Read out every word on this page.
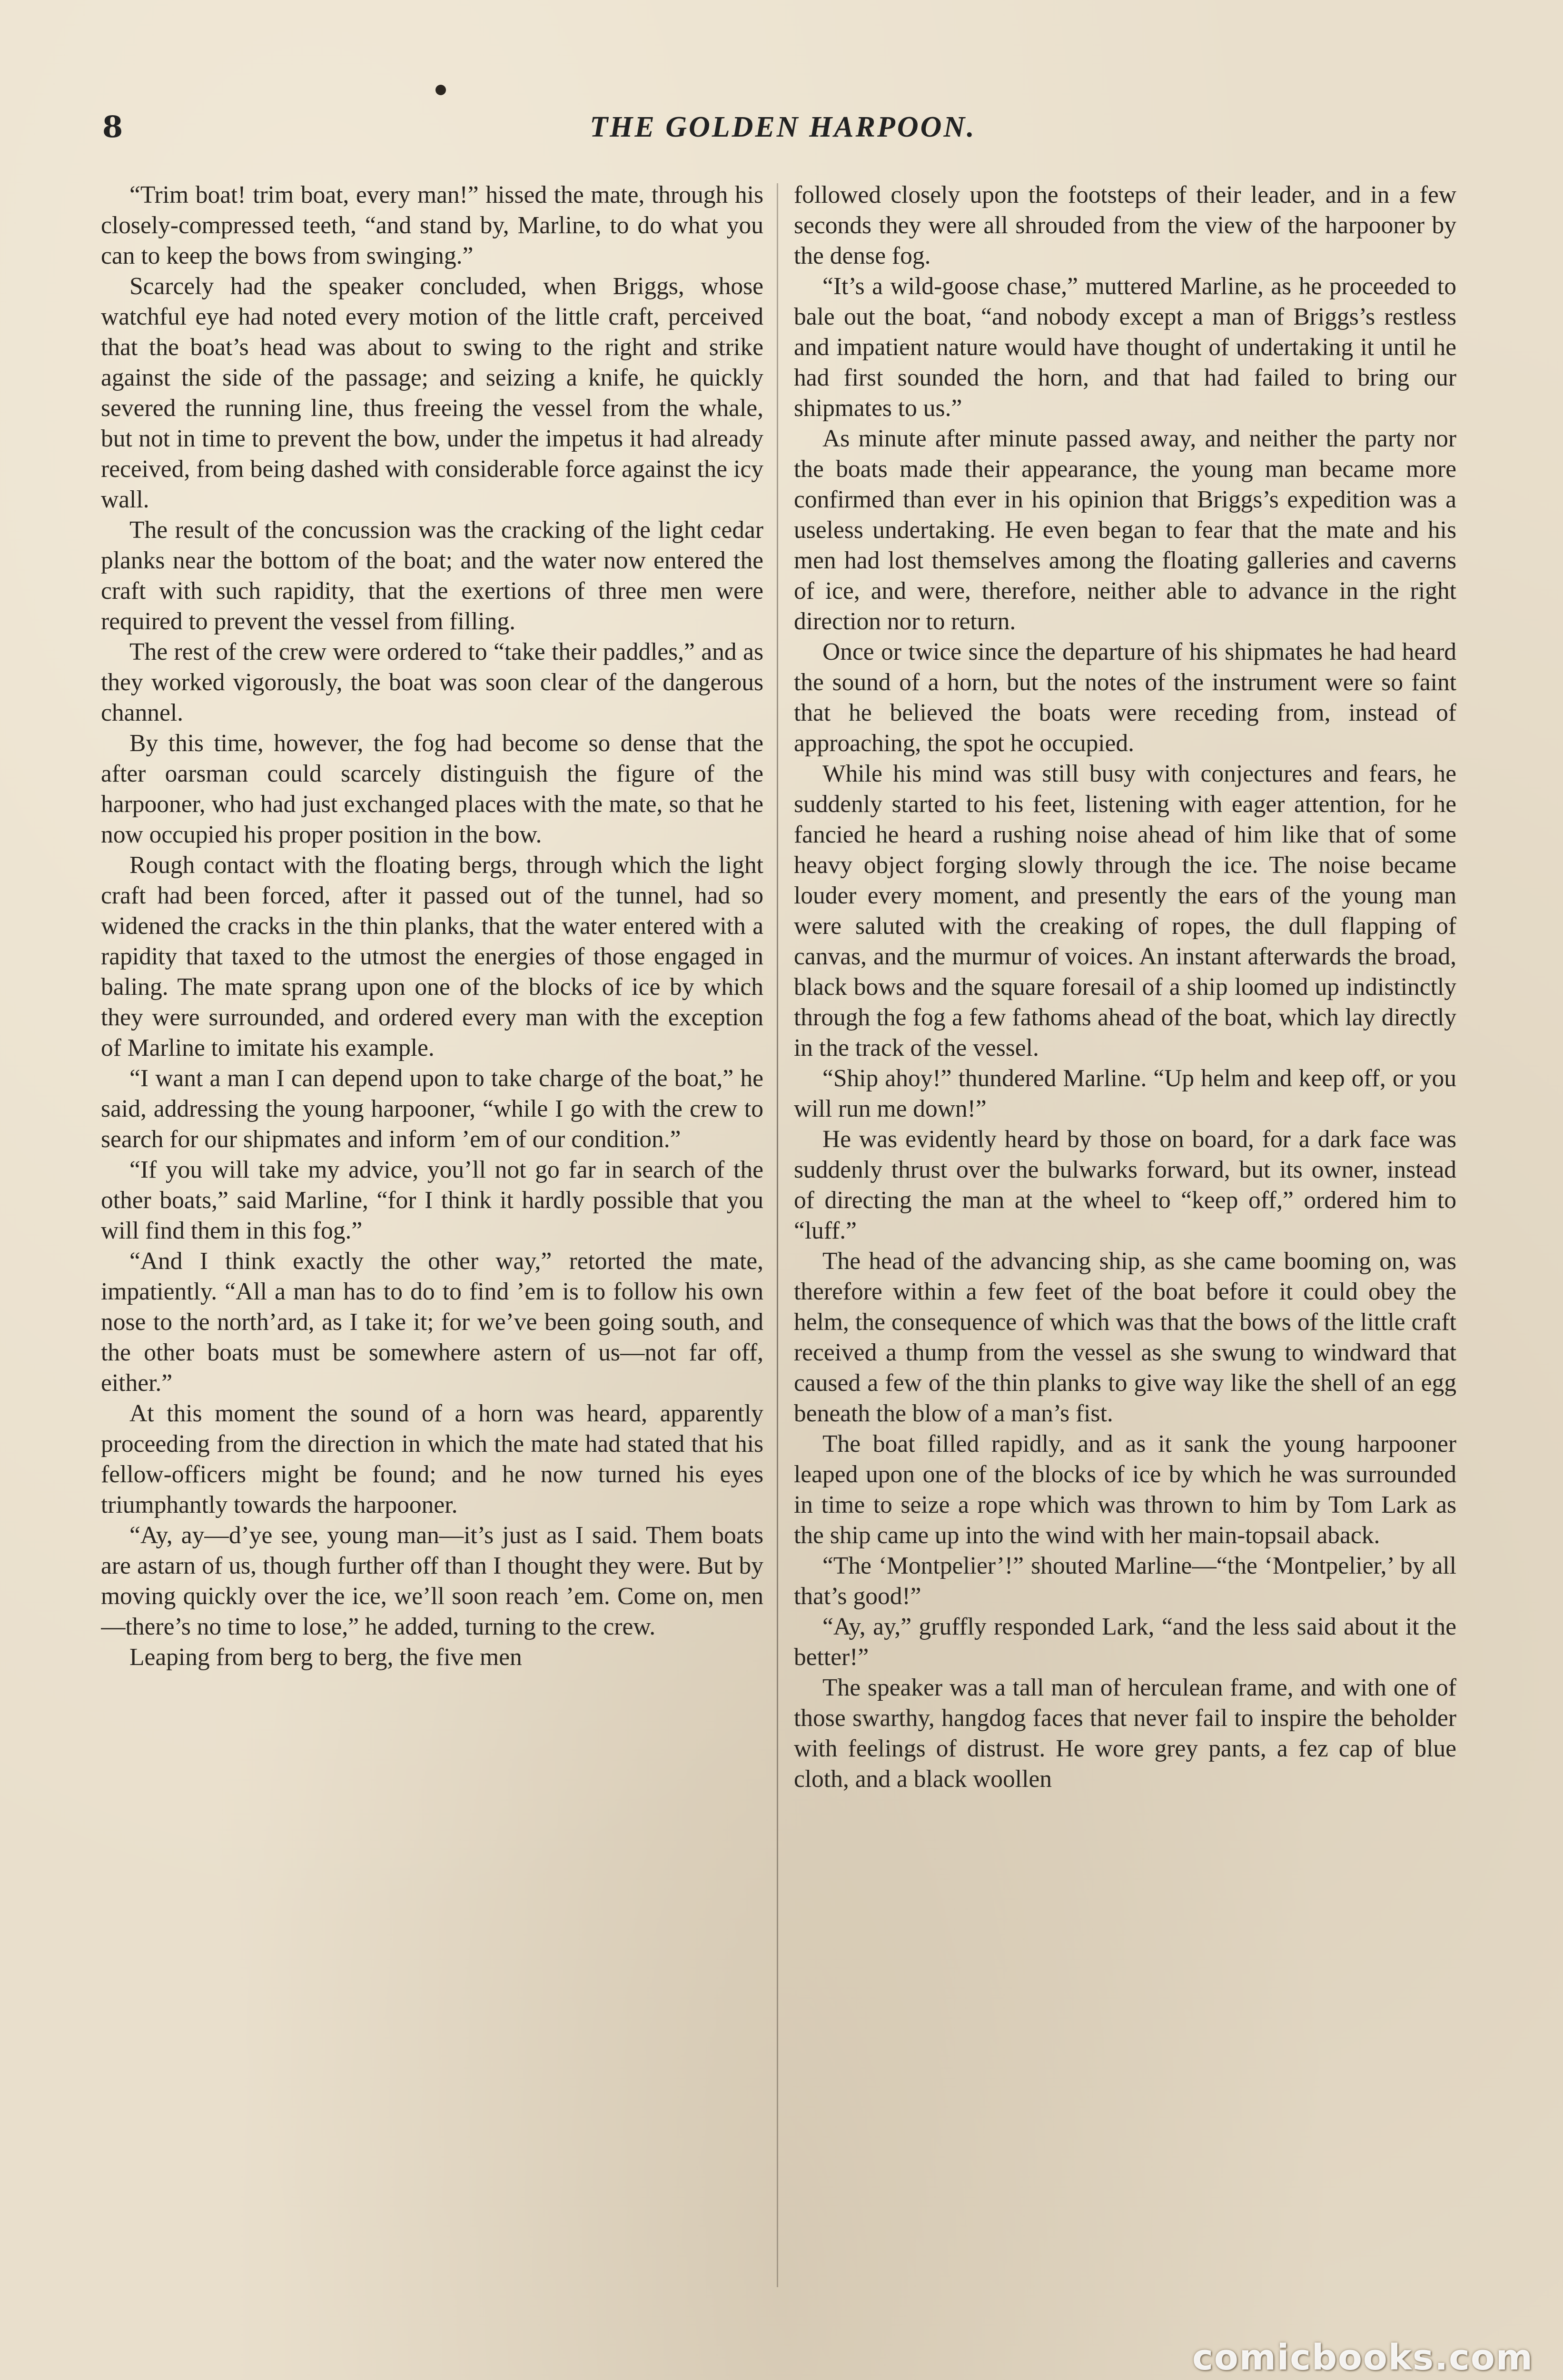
8	THE GOLDEN HARPOON.

“Trim boat! trim boat, every man!” hissed the mate, through his closely-compressed teeth, “and stand by, Marline, to do what you can to keep the bows from swinging.”

Scarcely had the speaker concluded, when Briggs, whose watchful eye had noted every motion of the little craft, perceived that the boat’s head was about to swing to the right and strike against the side of the passage; and seizing a knife, he quickly severed the running line, thus freeing the vessel from the whale, but not in time to prevent the bow, under the impetus it had already received, from being dashed with considerable force against the icy wall.

The result of the concussion was the cracking of the light cedar planks near the bottom of the boat; and the water now entered the craft with such rapidity, that the exertions of three men were required to prevent the vessel from filling.

The rest of the crew were ordered to “take their paddles,” and as they worked vigorously, the boat was soon clear of the dangerous channel.

By this time, however, the fog had become so dense that the after oarsman could scarcely distinguish the figure of the harpooner, who had just exchanged places with the mate, so that he now occupied his proper position in the bow.

Rough contact with the floating bergs, through which the light craft had been forced, after it passed out of the tunnel, had so widened the cracks in the thin planks, that the water entered with a rapidity that taxed to the utmost the energies of those engaged in baling. The mate sprang upon one of the blocks of ice by which they were surrounded, and ordered every man with the exception of Marline to imitate his example.

“I want a man I can depend upon to take charge of the boat,” he said, addressing the young harpooner, “while I go with the crew to search for our shipmates and inform ’em of our condition.”

“If you will take my advice, you’ll not go far in search of the other boats,” said Marline, “for I think it hardly possible that you will find them in this fog.”

“And I think exactly the other way,” retorted the mate, impatiently. “All a man has to do to find ’em is to follow his own nose to the north’ard, as I take it; for we’ve been going south, and the other boats must be somewhere astern of us—not far off, either.”

At this moment the sound of a horn was heard, apparently proceeding from the direction in which the mate had stated that his fellow-officers might be found; and he now turned his eyes triumphantly towards the harpooner.

“Ay, ay—d’ye see, young man—it’s just as I said. Them boats are astarn of us, though further off than I thought they were. But by moving quickly over the ice, we’ll soon reach ’em. Come on, men—there’s no time to lose,” he added, turning to the crew.

Leaping from berg to berg, the five men

followed closely upon the footsteps of their leader, and in a few seconds they were all shrouded from the view of the harpooner by the dense fog.

“It’s a wild-goose chase,” muttered Marline, as he proceeded to bale out the boat, “and nobody except a man of Briggs’s restless and impatient nature would have thought of undertaking it until he had first sounded the horn, and that had failed to bring our shipmates to us.”

As minute after minute passed away, and neither the party nor the boats made their appearance, the young man became more confirmed than ever in his opinion that Briggs’s expedition was a useless undertaking. He even began to fear that the mate and his men had lost themselves among the floating galleries and caverns of ice, and were, therefore, neither able to advance in the right direction nor to return.

Once or twice since the departure of his shipmates he had heard the sound of a horn, but the notes of the instrument were so faint that he believed the boats were receding from, instead of approaching, the spot he occupied.

While his mind was still busy with conjectures and fears, he suddenly started to his feet, listening with eager attention, for he fancied he heard a rushing noise ahead of him like that of some heavy object forging slowly through the ice. The noise became louder every moment, and presently the ears of the young man were saluted with the creaking of ropes, the dull flapping of canvas, and the murmur of voices. An instant afterwards the broad, black bows and the square foresail of a ship loomed up indistinctly through the fog a few fathoms ahead of the boat, which lay directly in the track of the vessel.

“Ship ahoy!” thundered Marline. “Up helm and keep off, or you will run me down!”

He was evidently heard by those on board, for a dark face was suddenly thrust over the bulwarks forward, but its owner, instead of directing the man at the wheel to “keep off,” ordered him to “luff.”

The head of the advancing ship, as she came booming on, was therefore within a few feet of the boat before it could obey the helm, the consequence of which was that the bows of the little craft received a thump from the vessel as she swung to windward that caused a few of the thin planks to give way like the shell of an egg beneath the blow of a man’s fist.

The boat filled rapidly, and as it sank the young harpooner leaped upon one of the blocks of ice by which he was surrounded in time to seize a rope which was thrown to him by Tom Lark as the ship came up into the wind with her main-topsail aback.

“The ‘Montpelier’!” shouted Marline—“the ‘Montpelier,’ by all that’s good!”

“Ay, ay,” gruffly responded Lark, “and the less said about it the better!”

The speaker was a tall man of herculean frame, and with one of those swarthy, hangdog faces that never fail to inspire the beholder with feelings of distrust. He wore grey pants, a fez cap of blue cloth, and a black woollen

comicbooks.com
